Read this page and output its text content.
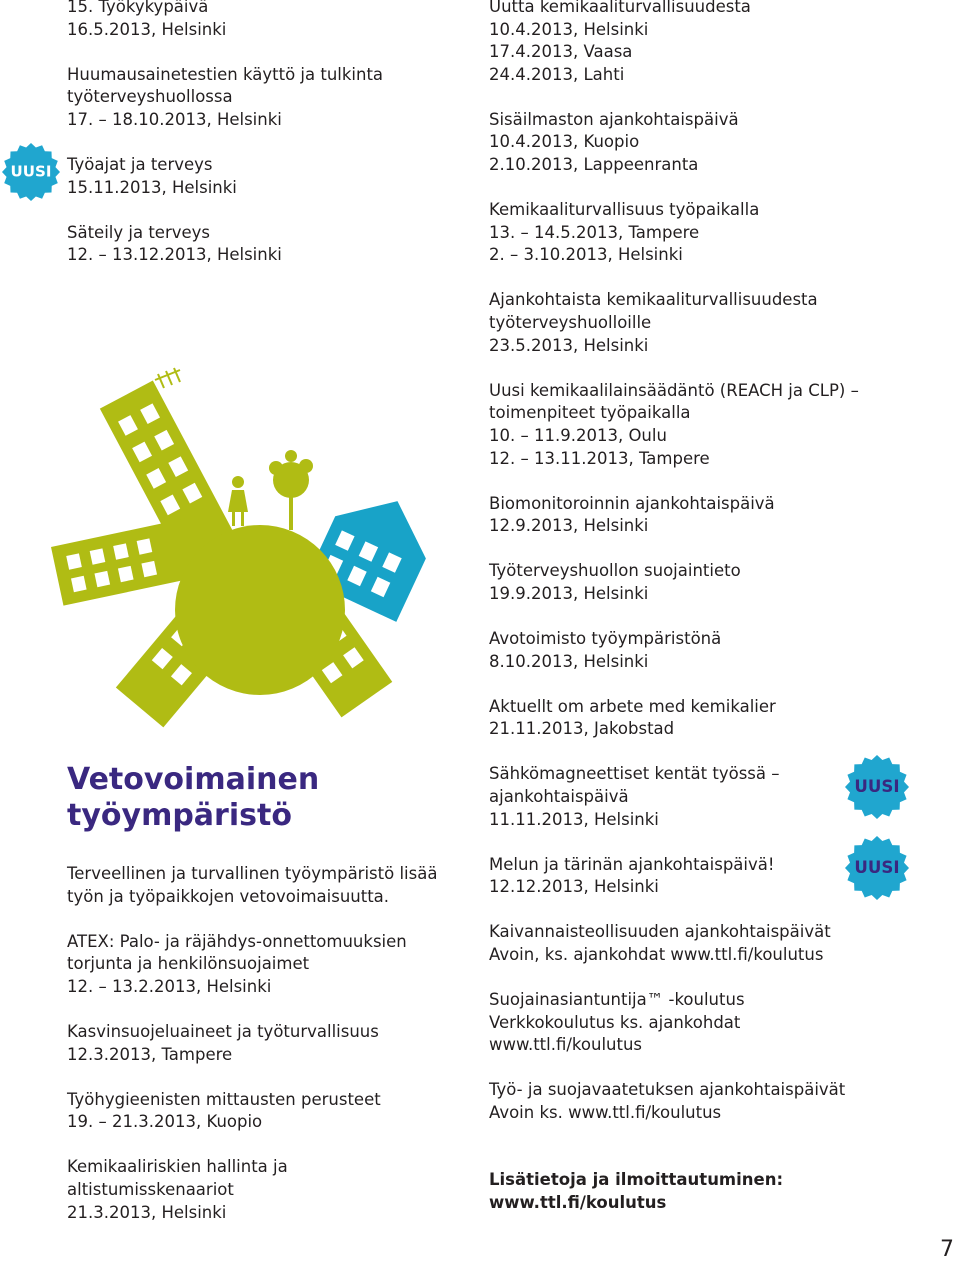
15. Työkykypäivä
16.5.2013, Helsinki
Huumausainetestien käyttö ja tulkinta
työterveyshuollossa
17. – 18.10.2013, Helsinki
Työajat ja terveys
15.11.2013, Helsinki
Säteily ja terveys
12. – 13.12.2013, Helsinki
Uutta kemikaaliturvallisuudesta
10.4.2013, Helsinki
17.4.2013, Vaasa
24.4.2013, Lahti
Sisäilmaston ajankohtaispäivä
10.4.2013, Kuopio
2.10.2013, Lappeenranta
Kemikaaliturvallisuus työpaikalla
13. – 14.5.2013, Tampere
2. – 3.10.2013, Helsinki
Ajankohtaista kemikaaliturvallisuudesta
työterveyshuolloille
23.5.2013, Helsinki
Uusi kemikaalilainsäädäntö (REACH ja CLP) –
toimenpiteet työpaikalla
10. – 11.9.2013, Oulu
12. – 13.11.2013, Tampere
Biomonitoroinnin ajankohtaispäivä
12.9.2013, Helsinki
Työterveyshuollon suojaintieto
19.9.2013, Helsinki
Avotoimisto työympäristönä
8.10.2013, Helsinki
Aktuellt om arbete med kemikalier
21.11.2013, Jakobstad
Sähkömagneettiset kentät työssä –
ajankohtaispäivä
11.11.2013, Helsinki
Melun ja tärinän ajankohtaispäivä!
12.12.2013, Helsinki
Kaivannaisteollisuuden ajankohtaispäivät
Avoin, ks. ajankohdat www.ttl.fi/koulutus
Suojainasiantuntija™ -koulutus
Verkkokoulutus ks. ajankohdat
www.ttl.fi/koulutus
Työ- ja suojavaatetuksen ajankohtaispäivät
Avoin ks. www.ttl.fi/koulutus
Lisätietoja ja ilmoittautuminen:
www.ttl.fi/koulutus
Vetovoimainen
työympäristö
Terveellinen ja turvallinen työympäristö lisää
työn ja työpaikkojen vetovoimaisuutta.
ATEX: Palo- ja räjähdys-onnettomuuksien
torjunta ja henkilönsuojaimet
12. – 13.2.2013, Helsinki
Kasvinsuojeluaineet ja työturvallisuus
12.3.2013, Tampere
Työhygieenisten mittausten perusteet
19. – 21.3.2013, Kuopio
Kemikaaliriskien hallinta ja
altistumisskenaariot
21.3.2013, Helsinki
UUSI
UUSI
UUSI
7
